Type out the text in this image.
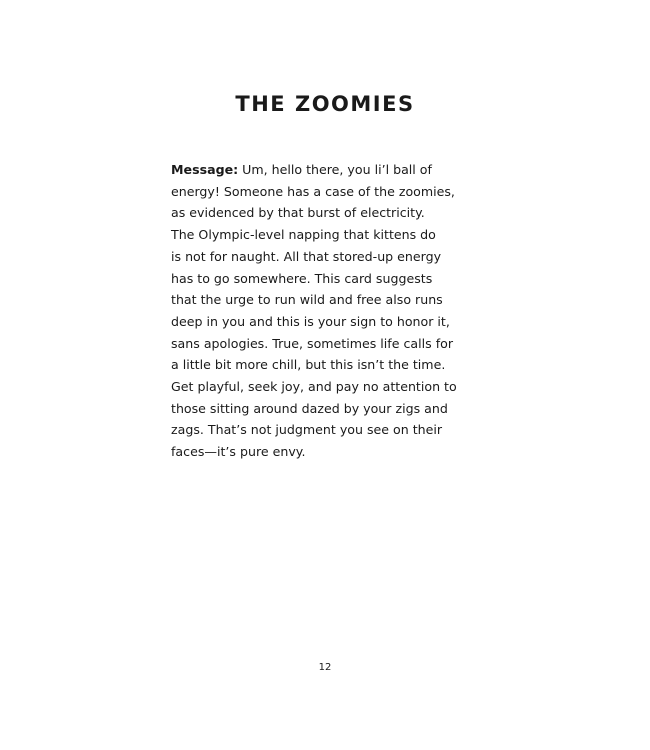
THE ZOOMIES
Message: Um, hello there, you li’l ball of
energy! Someone has a case of the zoomies,
as evidenced by that burst of electricity.
The Olympic-level napping that kittens do
is not for naught. All that stored-up energy
has to go somewhere. This card suggests
that the urge to run wild and free also runs
deep in you and this is your sign to honor it,
sans apologies. True, sometimes life calls for
a little bit more chill, but this isn’t the time.
Get playful, seek joy, and pay no attention to
those sitting around dazed by your zigs and
zags. That’s not judgment you see on their
faces—it’s pure envy.
12
